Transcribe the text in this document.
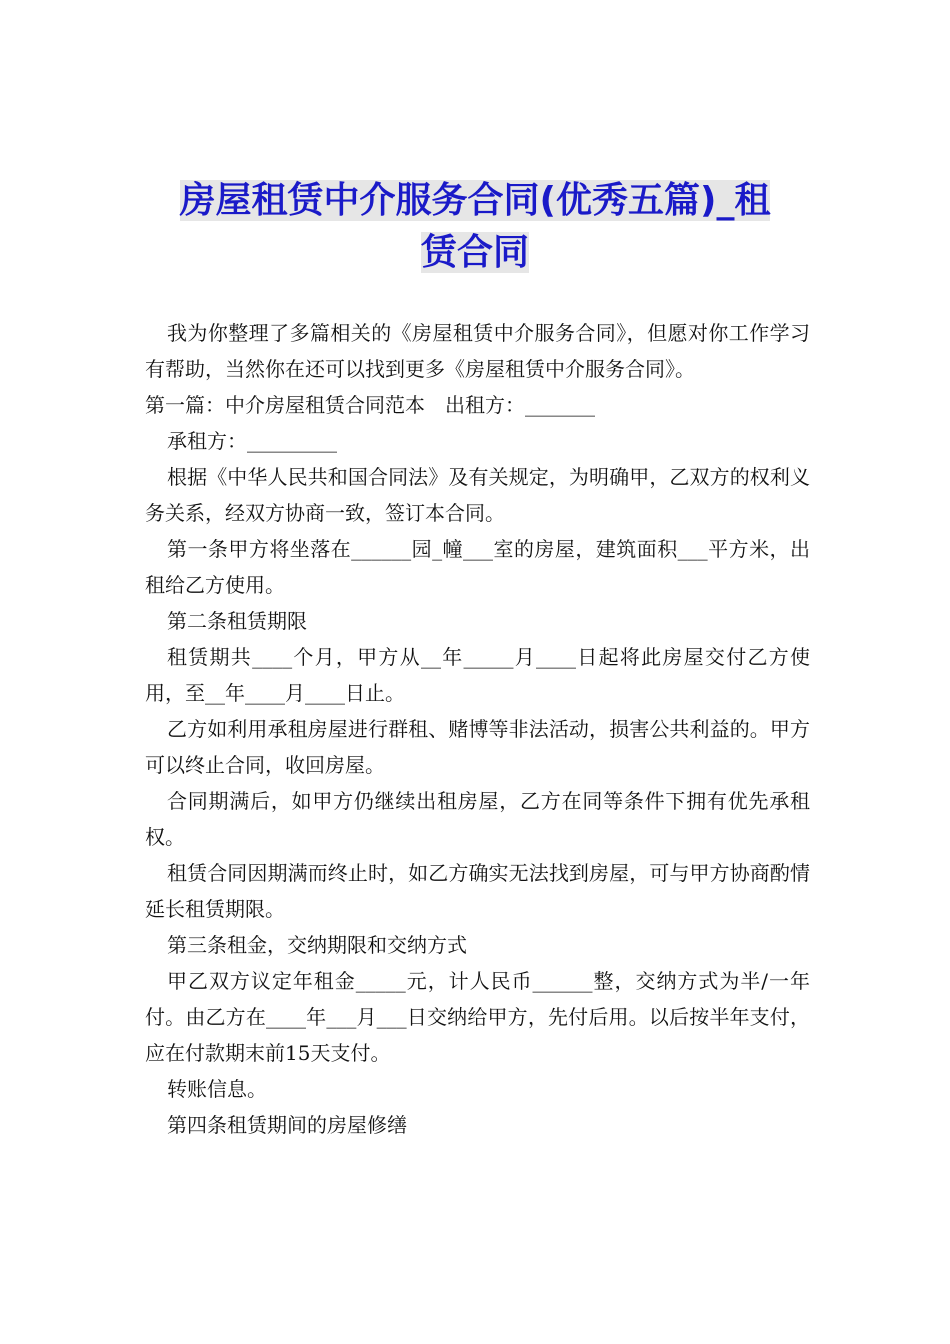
房屋租赁中介服务合同(优秀五篇)_租
赁合同

我为你整理了多篇相关的《房屋租赁中介服务合同》，但愿对你工作学习有帮助，当然你在还可以找到更多《房屋租赁中介服务合同》。

第一篇：中介房屋租赁合同范本　出租方：_______

承租方：_________

根据《中华人民共和国合同法》及有关规定，为明确甲，乙双方的权利义务关系，经双方协商一致，签订本合同。

第一条甲方将坐落在______园_幢___室的房屋，建筑面积___平方米，出租给乙方使用。

第二条租赁期限

租赁期共____个月，甲方从__年_____月____日起将此房屋交付乙方使用，至__年____月____日止。

乙方如利用承租房屋进行群租、赌博等非法活动，损害公共利益的。甲方可以终止合同，收回房屋。

合同期满后，如甲方仍继续出租房屋，乙方在同等条件下拥有优先承租权。

租赁合同因期满而终止时，如乙方确实无法找到房屋，可与甲方协商酌情延长租赁期限。

第三条租金，交纳期限和交纳方式

甲乙双方议定年租金_____元，计人民币______整，交纳方式为半/一年付。由乙方在____年___月___日交纳给甲方，先付后用。以后按半年支付，应在付款期末前15天支付。

转账信息。

第四条租赁期间的房屋修缮
